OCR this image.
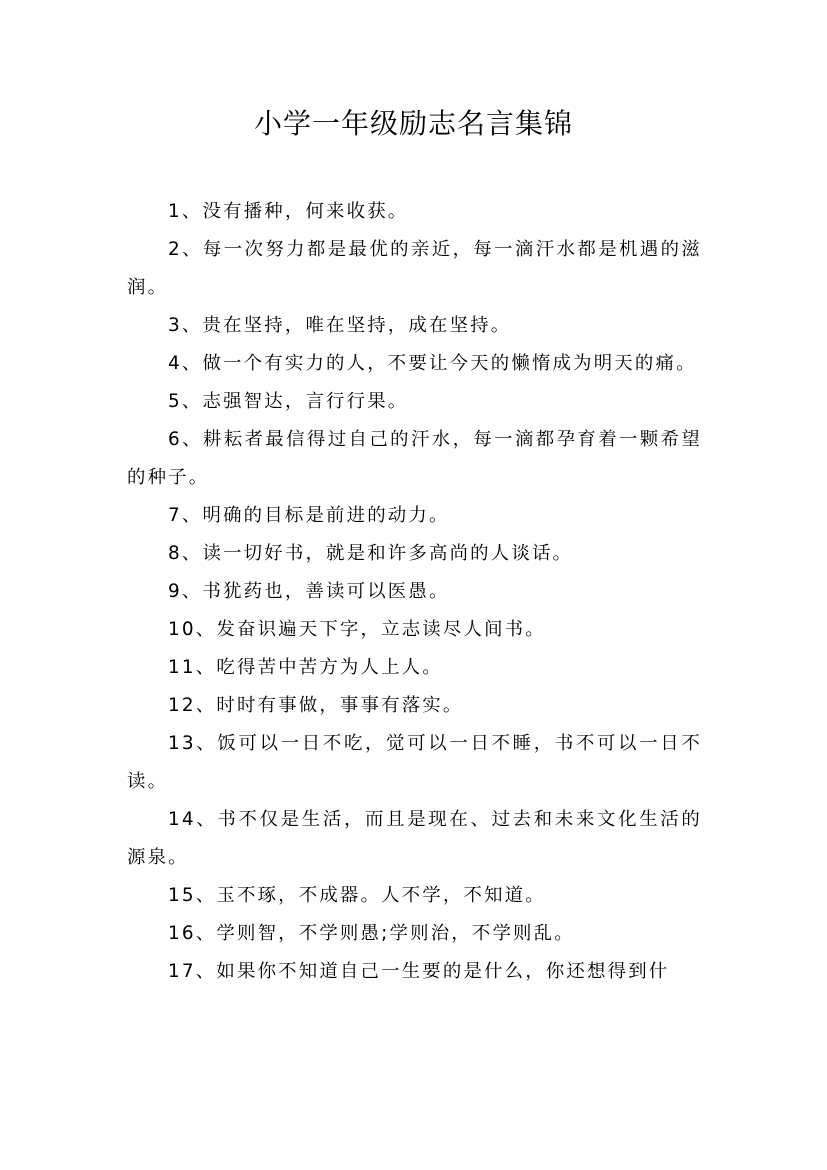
小学一年级励志名言集锦

1、没有播种，何来收获。

2、每一次努力都是最优的亲近，每一滴汗水都是机遇的滋润。

3、贵在坚持，唯在坚持，成在坚持。

4、做一个有实力的人，不要让今天的懒惰成为明天的痛。

5、志强智达，言行行果。

6、耕耘者最信得过自己的汗水，每一滴都孕育着一颗希望的种子。

7、明确的目标是前进的动力。

8、读一切好书，就是和许多高尚的人谈话。

9、书犹药也，善读可以医愚。

10、发奋识遍天下字，立志读尽人间书。

11、吃得苦中苦方为人上人。

12、时时有事做，事事有落实。

13、饭可以一日不吃，觉可以一日不睡，书不可以一日不读。

14、书不仅是生活，而且是现在、过去和未来文化生活的源泉。

15、玉不琢，不成器。人不学，不知道。

16、学则智，不学则愚;学则治，不学则乱。

17、如果你不知道自己一生要的是什么，你还想得到什
